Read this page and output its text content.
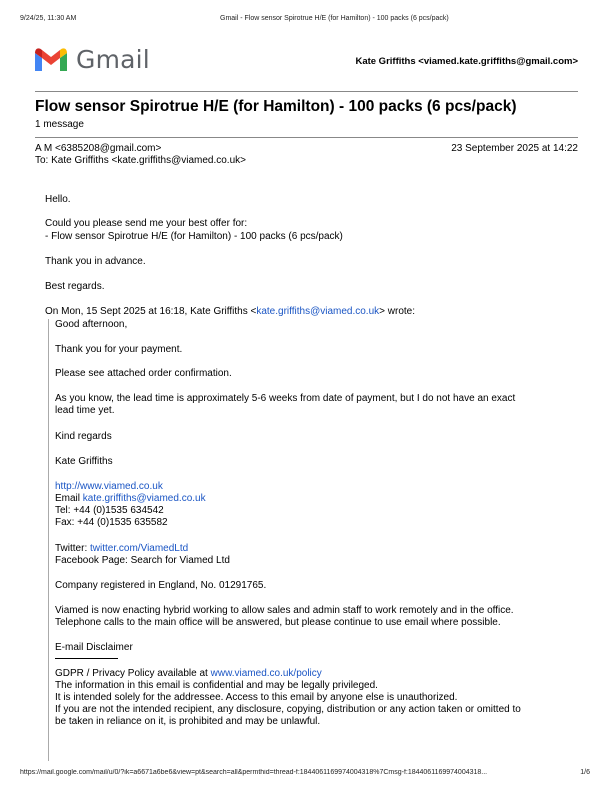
9/24/25, 11:30 AM	Gmail - Flow sensor Spirotrue H/E (for Hamilton) - 100 packs (6 pcs/pack)
Gmail	Kate Griffiths <viamed.kate.griffiths@gmail.com>
Flow sensor Spirotrue H/E (for Hamilton) - 100 packs (6 pcs/pack)
1 message
A M <6385208@gmail.com>	23 September 2025 at 14:22
To: Kate Griffiths <kate.griffiths@viamed.co.uk>
Hello.
Could you please send me your best offer for:
- Flow sensor Spirotrue H/E (for Hamilton) - 100 packs (6 pcs/pack)
Thank you in advance.
Best regards.
On Mon, 15 Sept 2025 at 16:18, Kate Griffiths <kate.griffiths@viamed.co.uk> wrote:
Good afternoon,
Thank you for your payment.
Please see attached order confirmation.
As you know, the lead time is approximately 5-6 weeks from date of payment, but I do not have an exact
lead time yet.
Kind regards
Kate Griffiths
http://www.viamed.co.uk
Email kate.griffiths@viamed.co.uk
Tel: +44 (0)1535 634542
Fax: +44 (0)1535 635582
Twitter: twitter.com/ViamedLtd
Facebook Page: Search for Viamed Ltd
Company registered in England, No. 01291765.
Viamed is now enacting hybrid working to allow sales and admin staff to work remotely and in the office.
Telephone calls to the main office will be answered, but please continue to use email where possible.
E-mail Disclaimer
GDPR / Privacy Policy available at www.viamed.co.uk/policy
The information in this email is confidential and may be legally privileged.
It is intended solely for the addressee. Access to this email by anyone else is unauthorized.
If you are not the intended recipient, any disclosure, copying, distribution or any action taken or omitted to
be taken in reliance on it, is prohibited and may be unlawful.
https://mail.google.com/mail/u/0/?ik=a6671a6be6&view=pt&search=all&permthid=thread-f:1844061169974004318%7Cmsg-f:1844061169974004318...	1/6
